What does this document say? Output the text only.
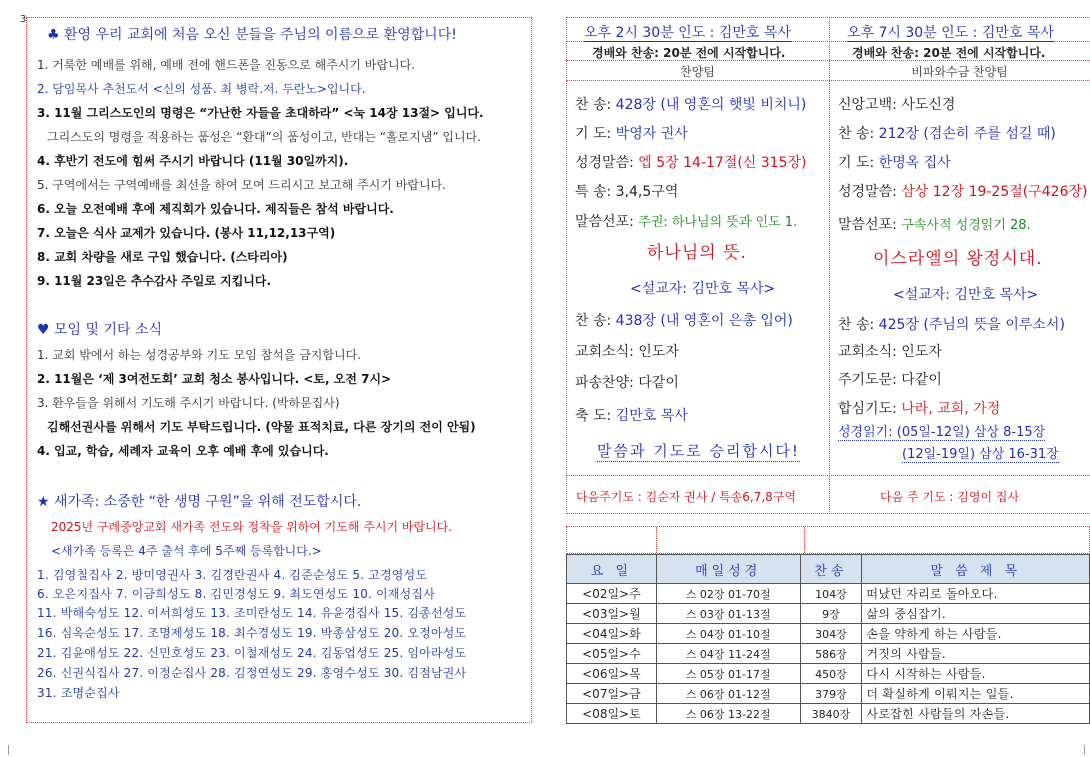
3
♣ 환영 우리 교회에 처음 오신 분들을 주님의 이름으로 환영합니다!
1. 거룩한 예배를 위해, 예배 전에 핸드폰을 진동으로 해주시기 바랍니다.
2. 담임목사 추천도서 <신의 성품. 최 병락.저. 두란노>입니다.
3. 11월 그리스도인의 명령은 “가난한 자들을 초대하라” <눅 14장 13절> 입니다.
그리스도의 명령을 적용하는 품성은 “환대”의 품성이고, 반대는 “홀로지냄” 입니다.
4. 후반기 전도에 힘써 주시기 바랍니다 (11월 30일까지).
5. 구역에서는 구역예배를 최선을 하여 모여 드리시고 보고해 주시기 바랍니다.
6. 오늘 오전예배 후에 제직회가 있습니다. 제직들은 참석 바랍니다.
7. 오늘은 식사 교제가 있습니다. (봉사 11,12,13구역)
8. 교회 차량을 새로 구입 했습니다. (스타리아)
9. 11월 23일은 추수감사 주일로 지킵니다.
♥ 모임 및 기타 소식
1. 교회 밖에서 하는 성경공부와 기도 모임 참석을 금지합니다.
2. 11월은 ‘제 3여전도회’ 교회 청소 봉사입니다. <토, 오전 7시>
3. 환우들을 위해서 기도해 주시기 바랍니다. (박하문집사)
김해선권사를 위해서 기도 부탁드립니다. (약물 표적치료, 다른 장기의 전이 안됨)
4. 입교, 학습, 세례자 교육이 오후 예배 후에 있습니다.
★ 새가족: 소중한 “한 생명 구원”을 위해 전도합시다.
2025년 구례중앙교회 새가족 전도와 정착을 위하여 기도해 주시기 바랍니다.
<새가족 등록은 4주 출석 후에 5주째 등록합니다.>
1. 김영칠집사 2. 방미영권사 3. 김경란권사 4. 김준순성도 5. 고경영성도
6. 오은지집사 7. 이금희성도 8. 김민경성도 9. 최도연성도 10. 이재성집사
11. 박해숙성도 12. 이서희성도 13. 조미란성도 14. 유윤경집사 15. 김종선성도
16. 심옥순성도 17. 조명제성도 18. 최수경성도 19. 박종삼성도 20. 오정아성도
21. 김윤애성도 22. 신민호성도 23. 이철재성도 24. 김동업성도 25. 임아라성도
26. 신권식집사 27. 이정순집사 28. 김정연성도 29. 홍영수성도 30. 김점남권사
31. 조명순집사
오후 2시 30분 인도 : 김만호 목사
경배와 찬송: 20분 전에 시작합니다.
찬양팀
찬 송: 428장 (내 영혼의 햇빛 비치니)
기 도: 박영자 권사
성경말씀: 엡 5장 14-17절(신 315장)
특 송: 3,4,5구역
말씀선포: 주권: 하나님의 뜻과 인도 1.
하나님의 뜻.
<설교자: 김만호 목사>
찬 송: 438장 (내 영혼이 은총 입어)
교회소식: 인도자
파송찬양: 다같이
축 도: 김만호 목사
말씀과 기도로 승리합시다!
다음주기도 : 김순자 권사 / 특송6,7,8구역
오후 7시 30분 인도 : 김만호 목사
경배와 찬송: 20분 전에 시작합니다.
비파와수금 찬양팀
신앙고백: 사도신경
찬 송: 212장 (겸손히 주를 섬길 때)
기 도: 한명옥 집사
성경말씀: 삼상 12장 19-25절(구426장)
말씀선포: 구속사적 성경읽기 28.
이스라엘의 왕정시대.
<설교자: 김만호 목사>
찬 송: 425장 (주님의 뜻을 이루소서)
교회소식: 인도자
주기도문: 다같이
합심기도: 나라, 교회, 가정
성경읽기: (05일-12일) 삼상 8-15장
(12일-19일) 삼상 16-31장
다음 주 기도 : 김영이 집사
요 일	매일성경	찬송	말 씀 제 목
<02일>주	스 02장 01-70절	104장	떠났던 자리로 돌아오다.
<03일>월	스 03장 01-13절	9장	삶의 중심잡기.
<04일>화	스 04장 01-10절	304장	손을 약하게 하는 사람들.
<05일>수	스 04장 11-24절	586장	거짓의 사람들.
<06일>목	스 05장 01-17절	450장	다시 시작하는 사람들.
<07일>금	스 06장 01-12절	379장	더 확실하게 이뤄지는 일들.
<08일>토	스 06장 13-22절	3840장	사로잡힌 사람들의 자손들.
